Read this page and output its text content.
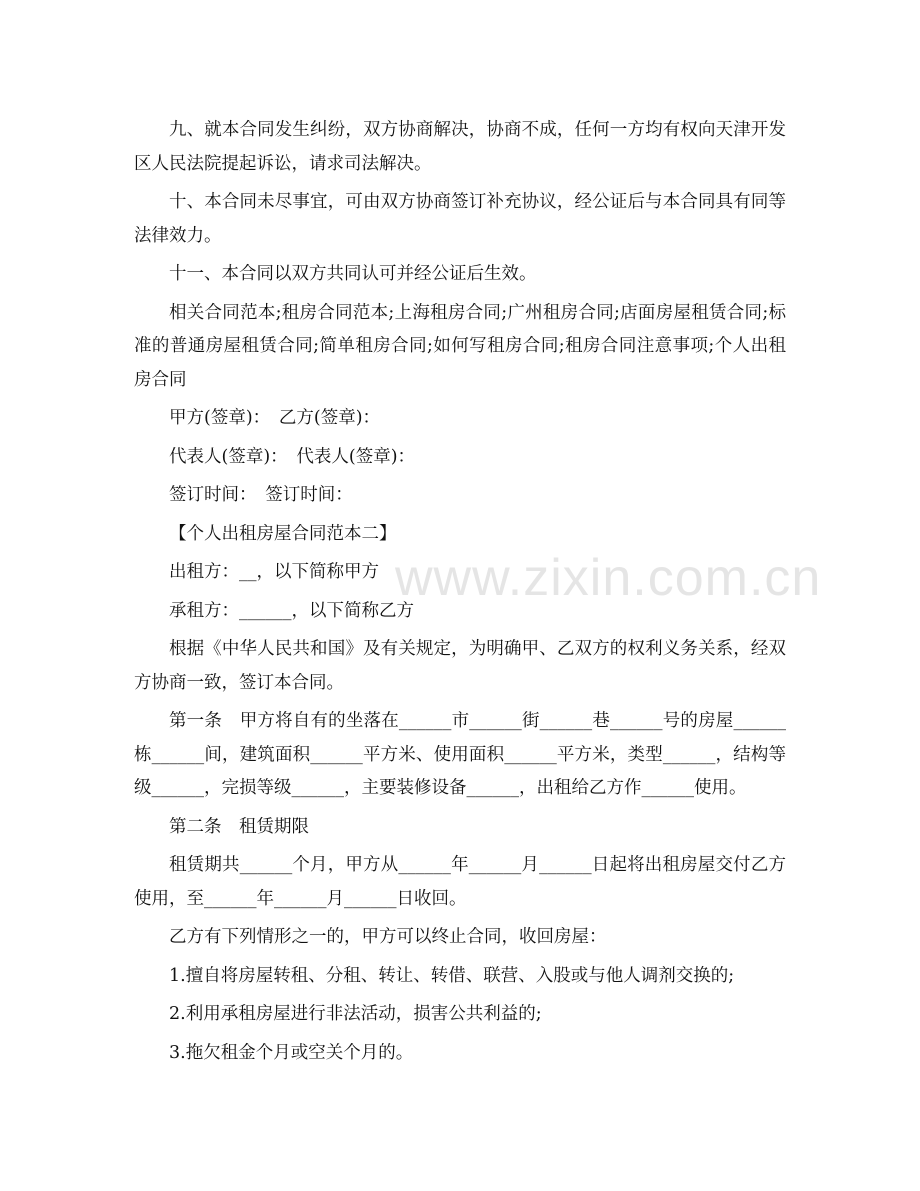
九、就本合同发生纠纷，双方协商解决，协商不成，任何一方均有权向天津开发区人民法院提起诉讼，请求司法解决。

十、本合同未尽事宜，可由双方协商签订补充协议，经公证后与本合同具有同等法律效力。

十一、本合同以双方共同认可并经公证后生效。

相关合同范本;租房合同范本;上海租房合同;广州租房合同;店面房屋租赁合同;标准的普通房屋租赁合同;简单租房合同;如何写租房合同;租房合同注意事项;个人出租房合同

甲方(签章)：　乙方(签章)：

代表人(签章)：　代表人(签章)：

签订时间：　签订时间：

【个人出租房屋合同范本二】

出租方：__，以下简称甲方

承租方：______，以下简称乙方

根据《中华人民共和国》及有关规定，为明确甲、乙双方的权利义务关系，经双方协商一致，签订本合同。

第一条　甲方将自有的坐落在______市______街______巷______号的房屋______栋______间，建筑面积______平方米、使用面积______平方米，类型______，结构等级______，完损等级______，主要装修设备______，出租给乙方作______使用。

第二条　租赁期限

租赁期共______个月，甲方从______年______月______日起将出租房屋交付乙方使用，至______年______月______日收回。

乙方有下列情形之一的，甲方可以终止合同，收回房屋：

1.擅自将房屋转租、分租、转让、转借、联营、入股或与他人调剂交换的;

2.利用承租房屋进行非法活动，损害公共利益的;

3.拖欠租金个月或空关个月的。

www.zixin.com.cn
